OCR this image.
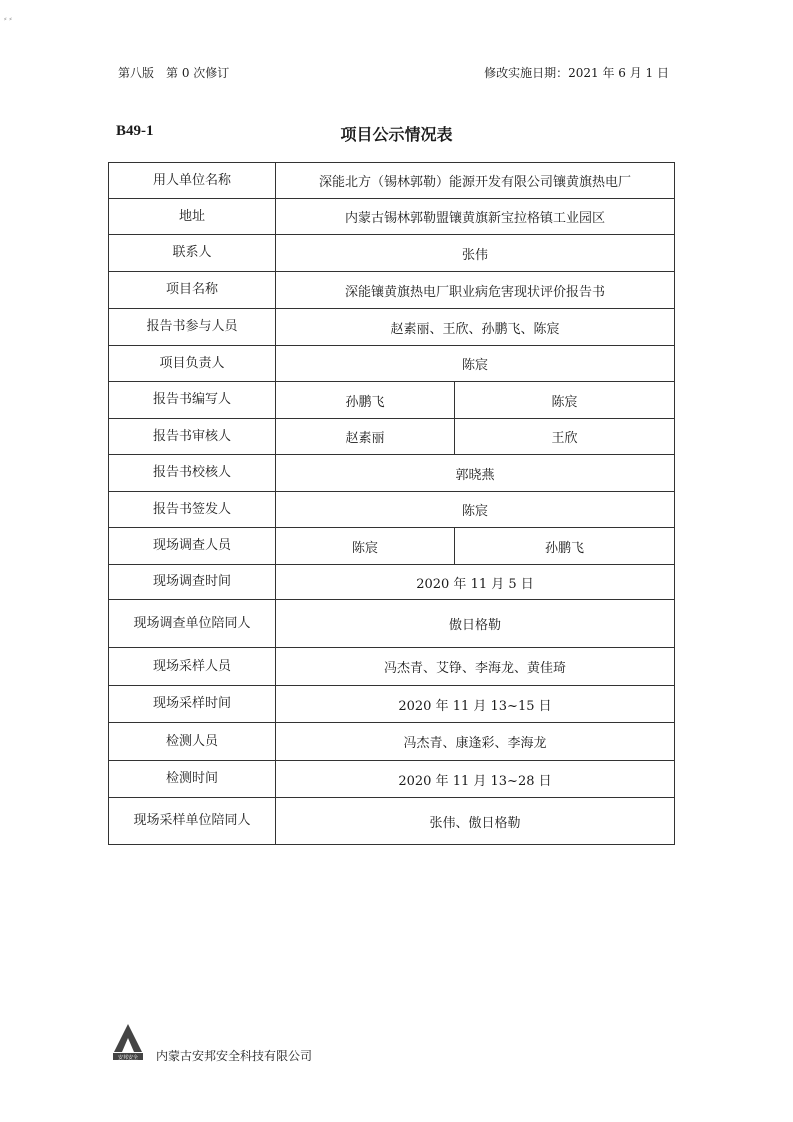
⸗ ⸗
第八版　第 0 次修订	修改实施日期：2021 年 6 月 1 日
B49-1	项目公示情况表
用人单位名称	深能北方（锡林郭勒）能源开发有限公司镶黄旗热电厂	
地址	内蒙古锡林郭勒盟镶黄旗新宝拉格镇工业园区	
联系人	张伟	
项目名称	深能镶黄旗热电厂职业病危害现状评价报告书	
报告书参与人员	赵素丽、王欣、孙鹏飞、陈宸	
项目负责人	陈宸	
报告书编写人	孙鹏飞	陈宸
报告书审核人	赵素丽	王欣
报告书校核人	郭晓燕	
报告书签发人	陈宸	
现场调查人员	陈宸	孙鹏飞
现场调查时间	2020 年 11 月 5 日	
现场调查单位陪同人	傲日格勒	
现场采样人员	冯杰青、艾铮、李海龙、黄佳琦	
现场采样时间	2020 年 11 月 13~15 日	
检测人员	冯杰青、康逢彩、李海龙	
检测时间	2020 年 11 月 13~28 日	
现场采样单位陪同人	张伟、傲日格勒	
安邦安全 内蒙古安邦安全科技有限公司
